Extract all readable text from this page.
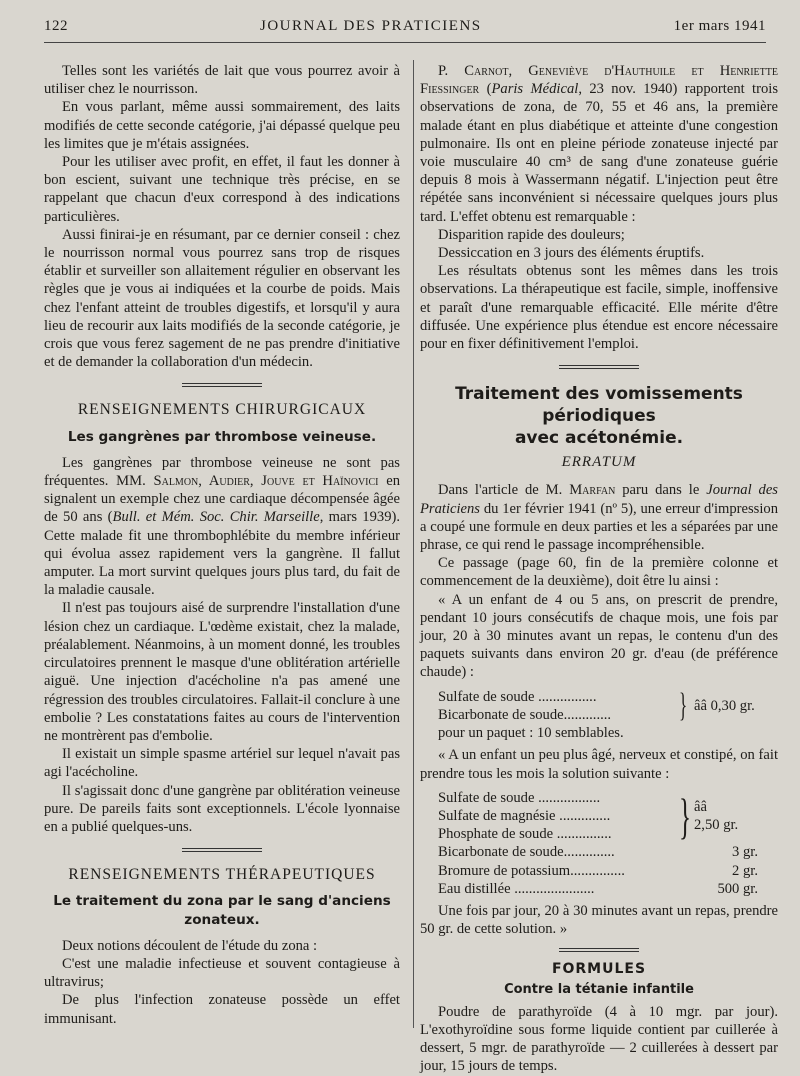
122	JOURNAL DES PRATICIENS	1er mars 1941

Telles sont les variétés de lait que vous pourrez avoir à utiliser chez le nourrisson.

En vous parlant, même aussi sommairement, des laits modifiés de cette seconde catégorie, j'ai dépassé quelque peu les limites que je m'étais assignées.

Pour les utiliser avec profit, en effet, il faut les donner à bon escient, suivant une technique très précise, en se rappelant que chacun d'eux correspond à des indications particulières.

Aussi finirai-je en résumant, par ce dernier conseil : chez le nourrisson normal vous pourrez sans trop de risques établir et surveiller son allaitement régulier en observant les règles que je vous ai indiquées et la courbe de poids. Mais chez l'enfant atteint de troubles digestifs, et lorsqu'il y aura lieu de recourir aux laits modifiés de la seconde catégorie, je crois que vous ferez sagement de ne pas prendre d'initiative et de demander la collaboration d'un médecin.

RENSEIGNEMENTS CHIRURGICAUX
Les gangrènes par thrombose veineuse.

Les gangrènes par thrombose veineuse ne sont pas fréquentes. MM. Salmon, Audier, Jouve et Haïnovici en signalent un exemple chez une cardiaque décompensée âgée de 50 ans (Bull. et Mém. Soc. Chir. Marseille, mars 1939). Cette malade fit une thrombophlébite du membre inférieur qui évolua assez rapidement vers la gangrène. Il fallut amputer. La mort survint quelques jours plus tard, du fait de la maladie causale.

Il n'est pas toujours aisé de surprendre l'installation d'une lésion chez un cardiaque. L'œdème existait, chez la malade, préalablement. Néanmoins, à un moment donné, les troubles circulatoires prennent le masque d'une oblitération artérielle aiguë. Une injection d'acécholine n'a pas amené une régression des troubles circulatoires. Fallait-il conclure à une embolie ? Les constatations faites au cours de l'intervention ne montrèrent pas d'embolie.

Il existait un simple spasme artériel sur lequel n'avait pas agi l'acécholine.

Il s'agissait donc d'une gangrène par oblitération veineuse pure. De pareils faits sont exceptionnels. L'école lyonnaise en a publié quelques-uns.

RENSEIGNEMENTS THÉRAPEUTIQUES
Le traitement du zona par le sang d'anciens zonateux.

Deux notions découlent de l'étude du zona :

C'est une maladie infectieuse et souvent contagieuse à ultravirus;

De plus l'infection zonateuse possède un effet immunisant.

P. Carnot, Geneviève d'Hauthuile et Henriette Fiessinger (Paris Médical, 23 nov. 1940) rapportent trois observations de zona, de 70, 55 et 46 ans, la première malade étant en plus diabétique et atteinte d'une congestion pulmonaire. Ils ont en pleine période zonateuse injecté par voie musculaire 40 cm³ de sang d'une zonateuse guérie depuis 8 mois à Wassermann négatif. L'injection peut être répétée sans inconvénient si nécessaire quelques jours plus tard. L'effet obtenu est remarquable :

Disparition rapide des douleurs;

Dessiccation en 3 jours des éléments éruptifs.

Les résultats obtenus sont les mêmes dans les trois observations. La thérapeutique est facile, simple, inoffensive et paraît d'une remarquable efficacité. Elle mérite d'être diffusée. Une expérience plus étendue est encore nécessaire pour en fixer définitivement l'emploi.

Traitement des vomissements périodiques
avec acétonémie.
ERRATUM

Dans l'article de M. Marfan paru dans le Journal des Praticiens du 1er février 1941 (nº 5), une erreur d'impression a coupé une formule en deux parties et les a séparées par une phrase, ce qui rend le passage incompréhensible.

Ce passage (page 60, fin de la première colonne et commencement de la deuxième), doit être lu ainsi :

« A un enfant de 4 ou 5 ans, on prescrit de prendre, pendant 10 jours consécutifs de chaque mois, une fois par jour, 20 à 30 minutes avant un repas, le contenu d'un des paquets suivants dans environ 20 gr. d'eau (de préférence chaude) :

Sulfate de soude ................
Bicarbonate de soude.............	} ââ 0,30 gr.
pour un paquet : 10 semblables.

« A un enfant un peu plus âgé, nerveux et constipé, on fait prendre tous les mois la solution suivante :

Sulfate de soude .................
Sulfate de magnésie ..............
Phosphate de soude ...............	} ââ
2,50 gr.
Bicarbonate de soude..............	3 gr.
Bromure de potassium...............	2 gr.
Eau distillée ......................	500 gr.

Une fois par jour, 20 à 30 minutes avant un repas, prendre 50 gr. de cette solution. »

FORMULES
Contre la tétanie infantile

Poudre de parathyroïde (4 à 10 mgr. par jour). L'exothyroïdine sous forme liquide contient par cuillerée à dessert, 5 mgr. de parathyroïde — 2 cuillerées à dessert par jour, 15 jours de temps.
